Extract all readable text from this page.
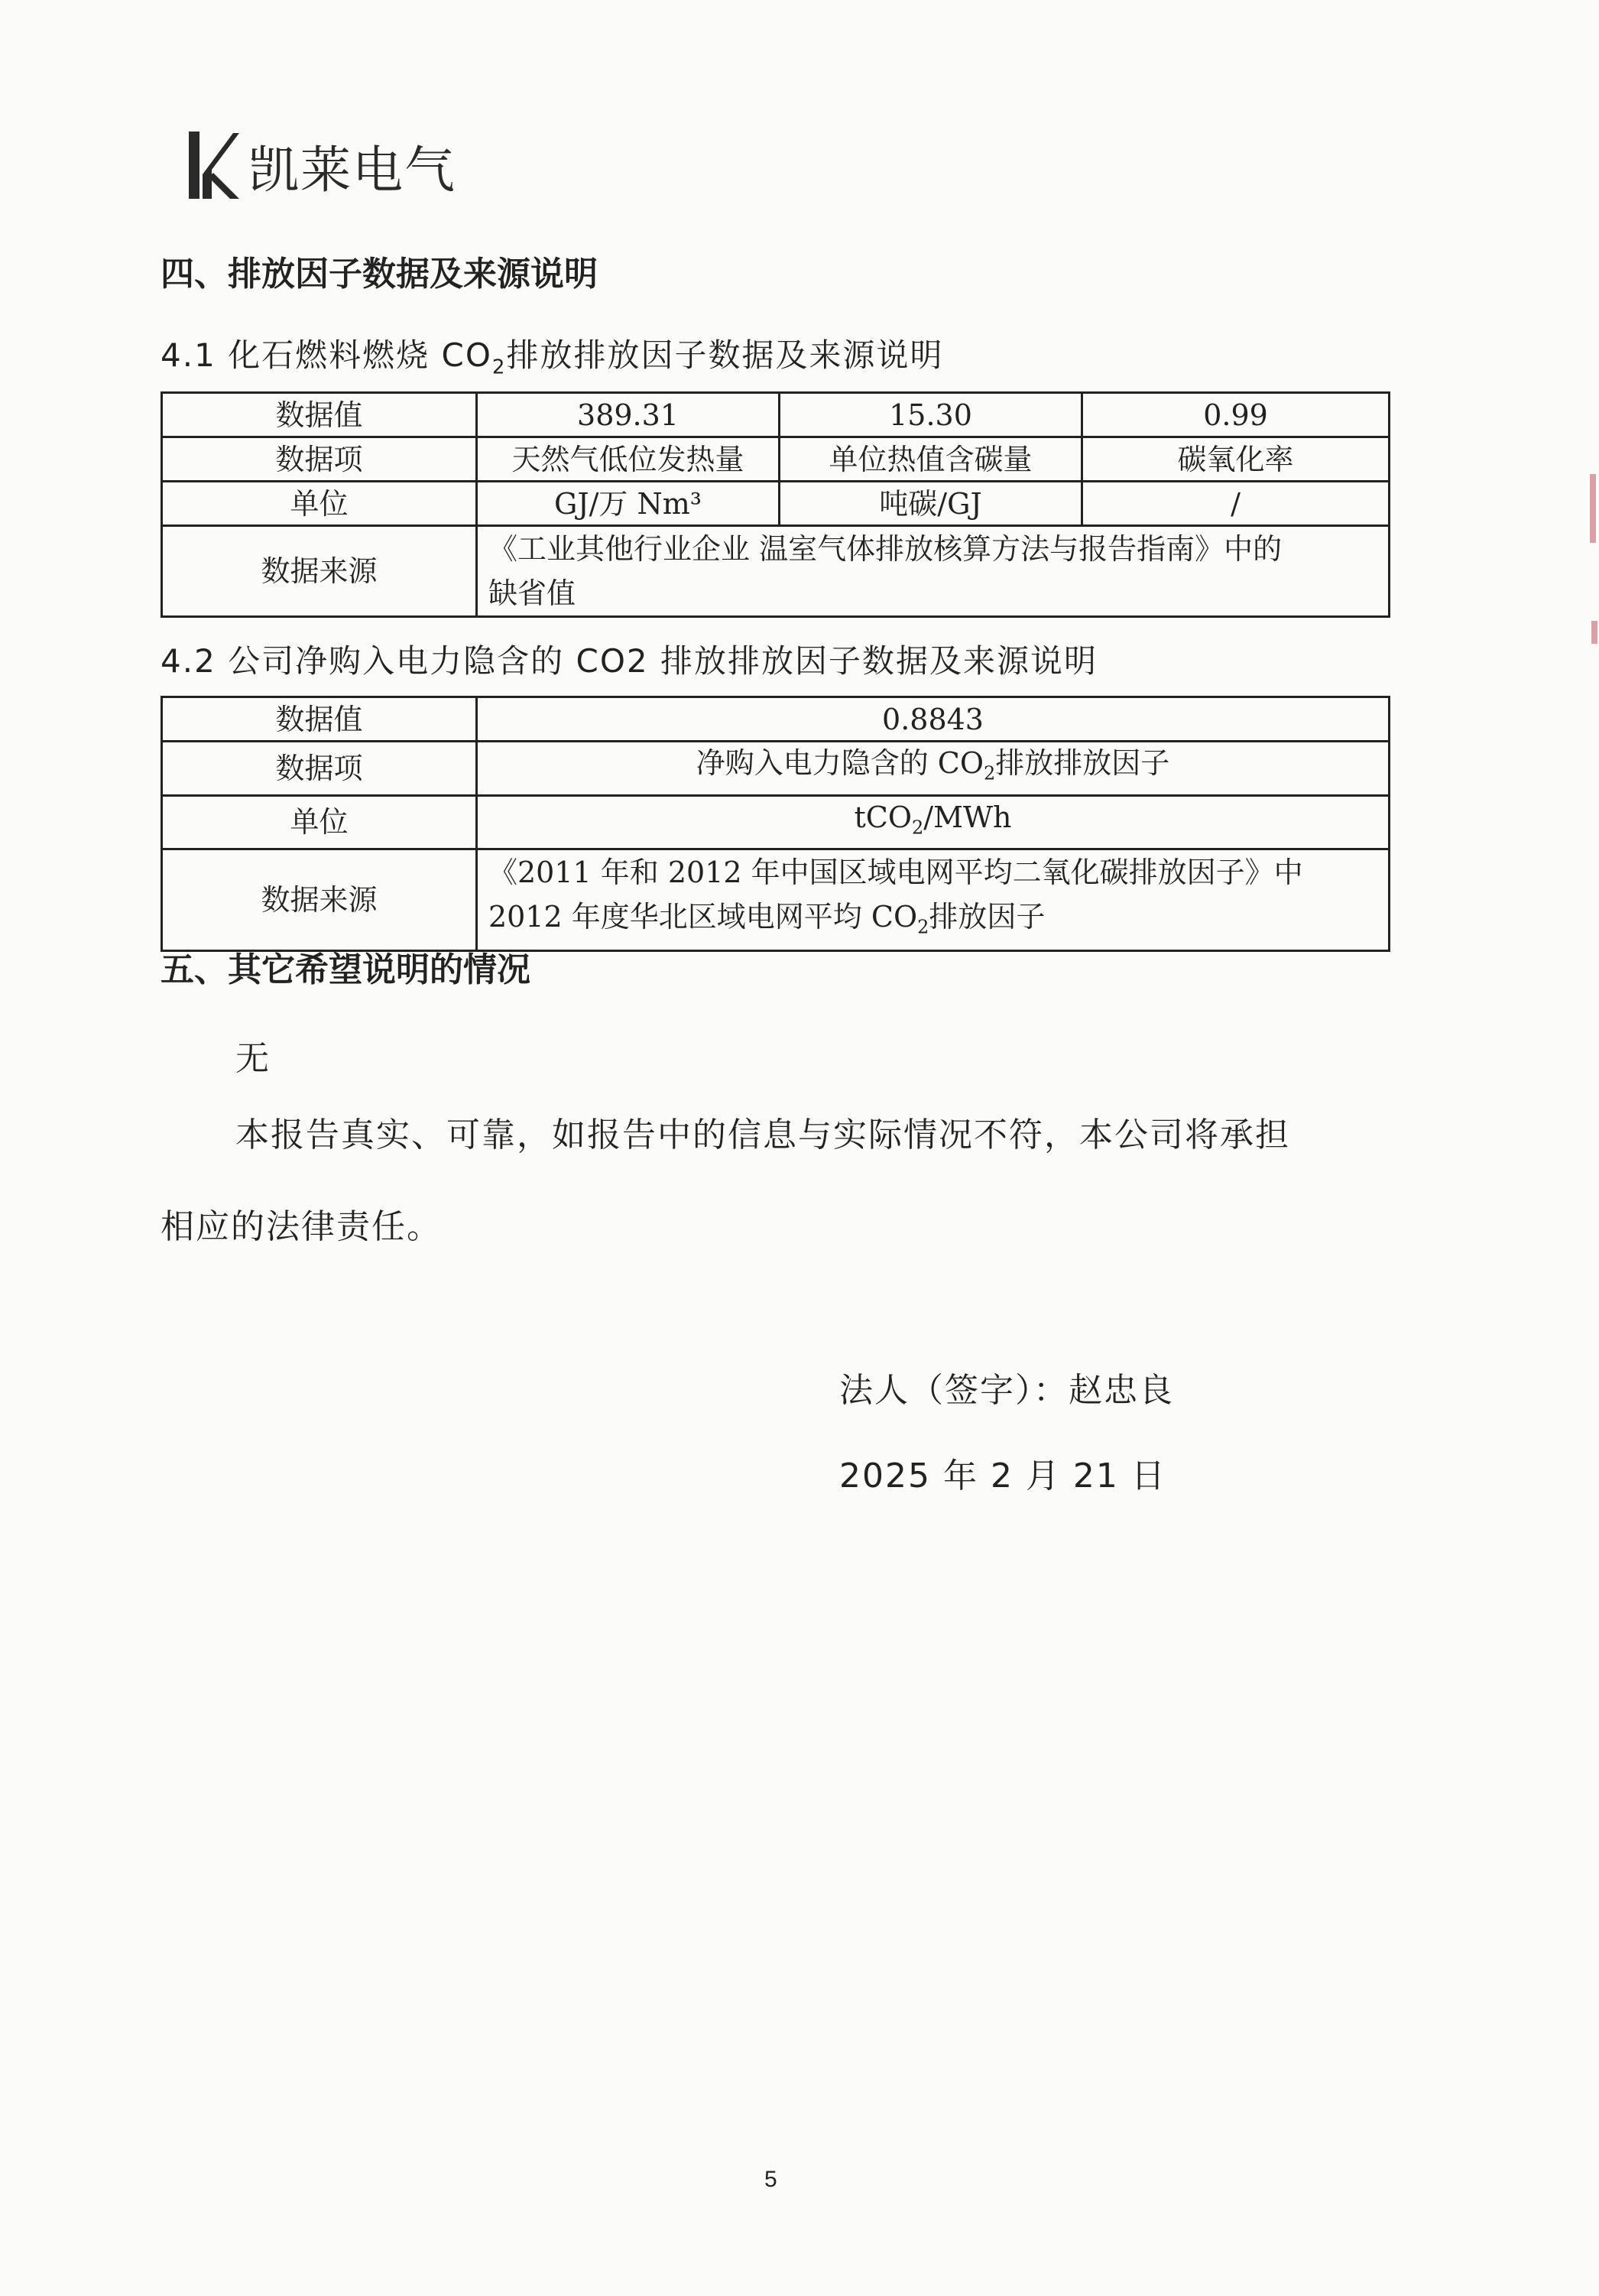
凯莱电气
四、排放因子数据及来源说明
4.1 化石燃料燃烧 $CO_2$排放排放因子数据及来源说明
数据值	389.31	15.30	0.99
数据项	天然气低位发热量	单位热值含碳量	碳氧化率
单位	GJ/万 Nm³	吨碳/GJ	/
数据来源	《工业其他行业企业 温室气体排放核算方法与报告指南》中的
缺省值		
4.2 公司净购入电力隐含的 CO2 排放排放因子数据及来源说明
数据值	0.8843
数据项	净购入电力隐含的 $CO_2$排放排放因子
单位	tCO$_2$/MWh
数据来源	《2011 年和 2012 年中国区域电网平均二氧化碳排放因子》中
2012 年度华北区域电网平均 $CO_2$排放因子
五、其它希望说明的情况
无
本报告真实、可靠，如报告中的信息与实际情况不符，本公司将承担
相应的法律责任。
法人（签字）：赵忠良
2025 年 2 月 21 日
5
